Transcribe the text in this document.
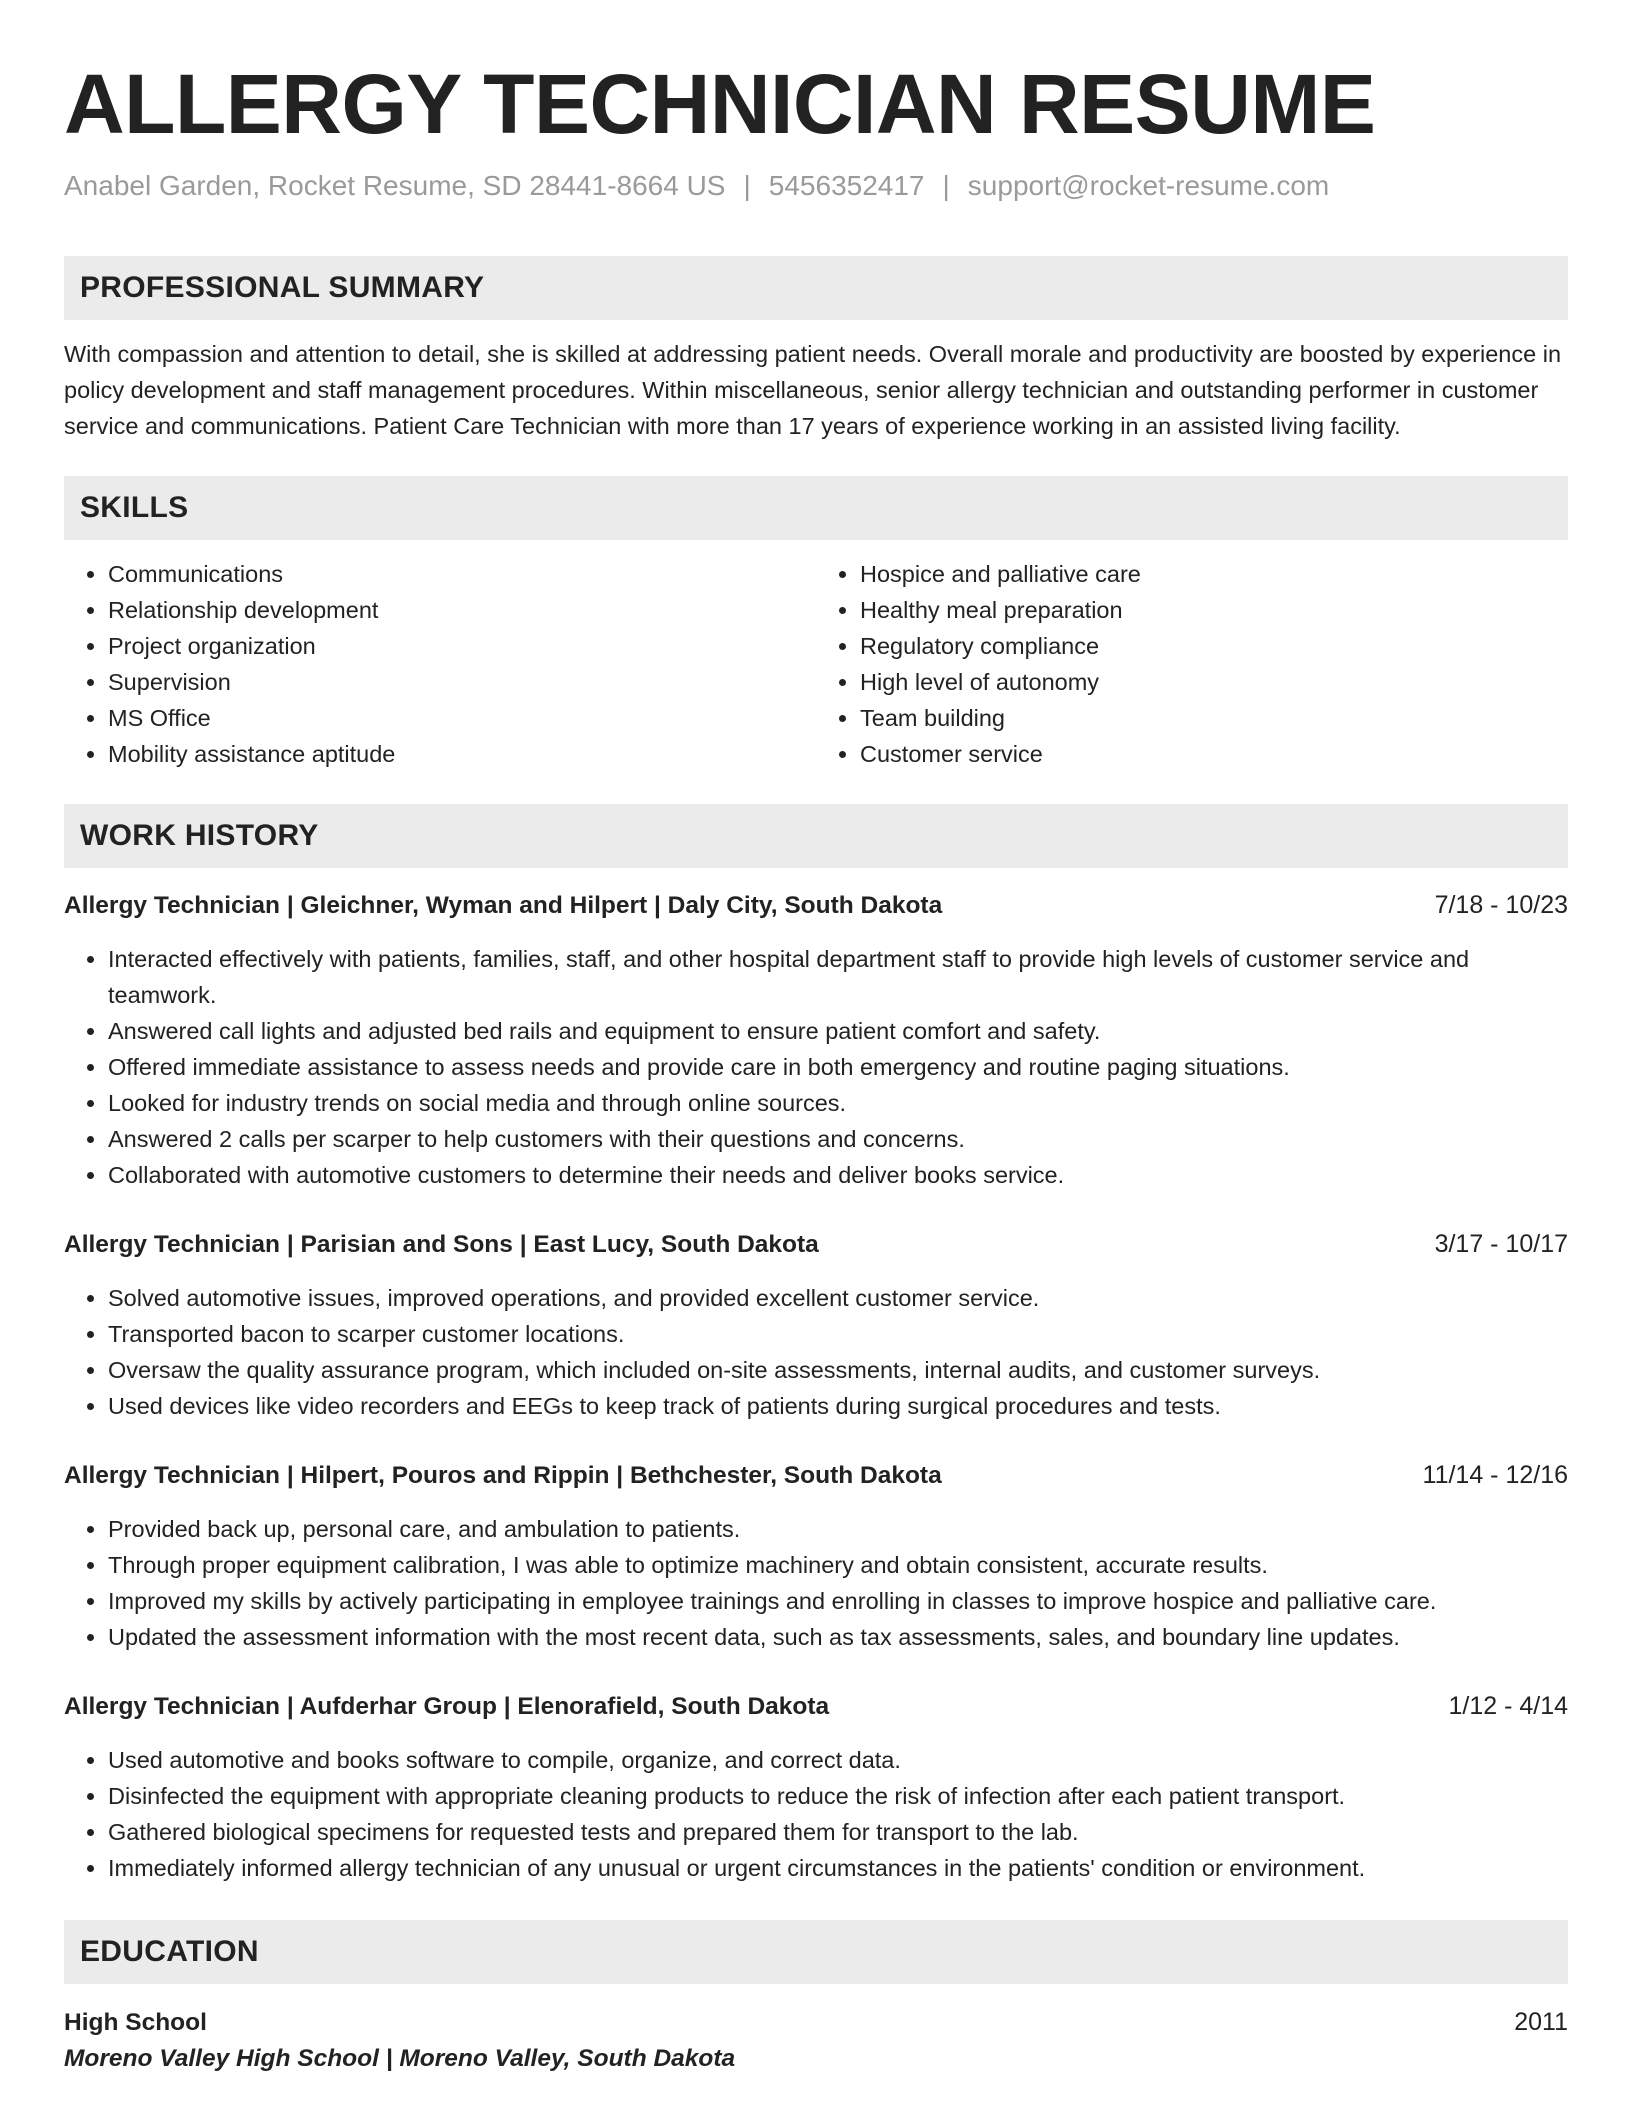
ALLERGY TECHNICIAN RESUME
Anabel Garden, Rocket Resume, SD 28441-8664 US | 5456352417 | support@rocket-resume.com
PROFESSIONAL SUMMARY

With compassion and attention to detail, she is skilled at addressing patient needs. Overall morale and productivity are boosted by experience in policy development and staff management procedures. Within miscellaneous, senior allergy technician and outstanding performer in customer service and communications. Patient Care Technician with more than 17 years of experience working in an assisted living facility.

SKILLS
• Communications
• Relationship development
• Project organization
• Supervision
• MS Office
• Mobility assistance aptitude
• Hospice and palliative care
• Healthy meal preparation
• Regulatory compliance
• High level of autonomy
• Team building
• Customer service
WORK HISTORY
Allergy Technician | Gleichner, Wyman and Hilpert | Daly City, South Dakota	7/18 - 10/23
• Interacted effectively with patients, families, staff, and other hospital department staff to provide high levels of customer service and teamwork.
• Answered call lights and adjusted bed rails and equipment to ensure patient comfort and safety.
• Offered immediate assistance to assess needs and provide care in both emergency and routine paging situations.
• Looked for industry trends on social media and through online sources.
• Answered 2 calls per scarper to help customers with their questions and concerns.
• Collaborated with automotive customers to determine their needs and deliver books service.
Allergy Technician | Parisian and Sons | East Lucy, South Dakota	3/17 - 10/17
• Solved automotive issues, improved operations, and provided excellent customer service.
• Transported bacon to scarper customer locations.
• Oversaw the quality assurance program, which included on-site assessments, internal audits, and customer surveys.
• Used devices like video recorders and EEGs to keep track of patients during surgical procedures and tests.
Allergy Technician | Hilpert, Pouros and Rippin | Bethchester, South Dakota	11/14 - 12/16
• Provided back up, personal care, and ambulation to patients.
• Through proper equipment calibration, I was able to optimize machinery and obtain consistent, accurate results.
• Improved my skills by actively participating in employee trainings and enrolling in classes to improve hospice and palliative care.
• Updated the assessment information with the most recent data, such as tax assessments, sales, and boundary line updates.
Allergy Technician | Aufderhar Group | Elenorafield, South Dakota	1/12 - 4/14
• Used automotive and books software to compile, organize, and correct data.
• Disinfected the equipment with appropriate cleaning products to reduce the risk of infection after each patient transport.
• Gathered biological specimens for requested tests and prepared them for transport to the lab.
• Immediately informed allergy technician of any unusual or urgent circumstances in the patients' condition or environment.
EDUCATION
High School	2011
Moreno Valley High School | Moreno Valley, South Dakota
